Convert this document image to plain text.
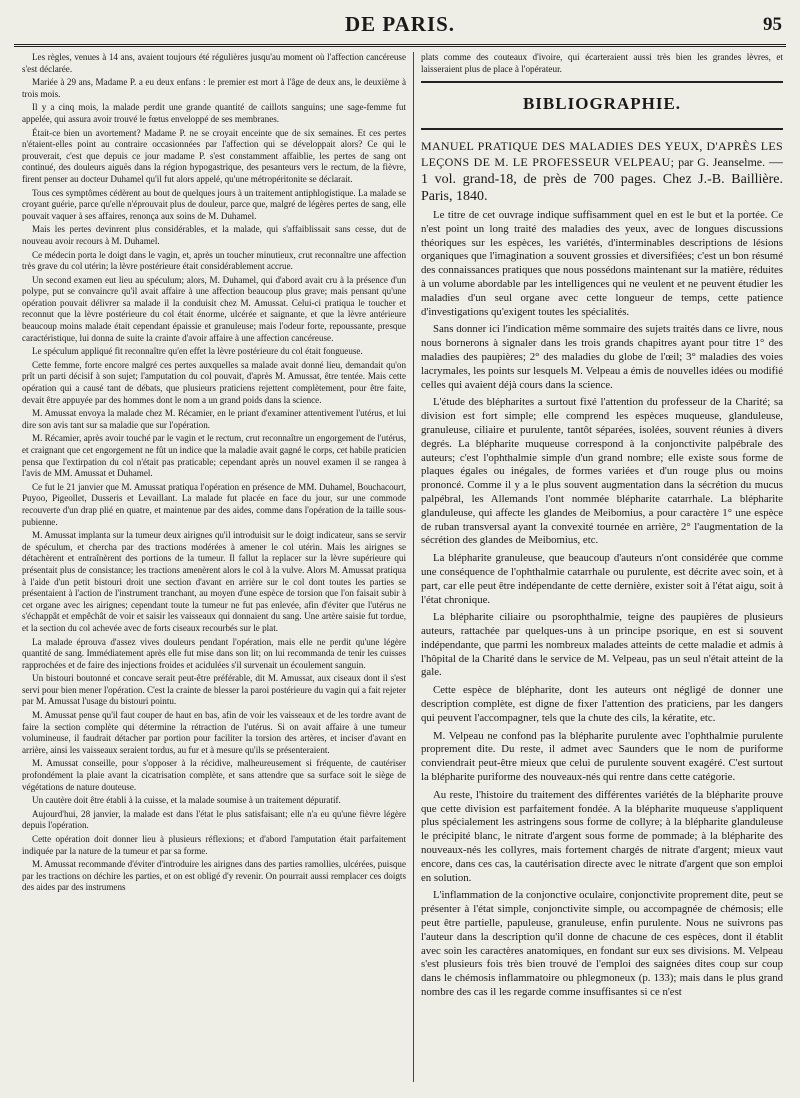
DE PARIS.	95

Les règles, venues à 14 ans, avaient toujours été régulières jusqu'au moment où l'affection cancéreuse s'est déclarée.

Mariée à 29 ans, Madame P. a eu deux enfans : le premier est mort à l'âge de deux ans, le deuxième à trois mois.

Il y a cinq mois, la malade perdit une grande quantité de caillots sanguins; une sage-femme fut appelée, qui assura avoir trouvé le fœtus enveloppé de ses membranes.

Était-ce bien un avortement? Madame P. ne se croyait enceinte que de six semaines. Et ces pertes n'étaient-elles point au contraire occasionnées par l'affection qui se développait alors? Ce qui le prouverait, c'est que depuis ce jour madame P. s'est constamment affaiblie, les pertes de sang ont continué, des douleurs aiguës dans la région hypogastrique, des pesanteurs vers le rectum, de la fièvre, firent penser au docteur Duhamel qu'il fut alors appelé, qu'une métropéritonite se déclarait.

Tous ces symptômes cédèrent au bout de quelques jours à un traitement antiphlogistique. La malade se croyant guérie, parce qu'elle n'éprouvait plus de douleur, parce que, malgré de légères pertes de sang, elle pouvait vaquer à ses affaires, renonça aux soins de M. Duhamel.

Mais les pertes devinrent plus considérables, et la malade, qui s'affaiblissait sans cesse, dut de nouveau avoir recours à M. Duhamel.

Ce médecin porta le doigt dans le vagin, et, après un toucher minutieux, crut reconnaître une affection très grave du col utérin; la lèvre postérieure était considérablement accrue.

Un second examen eut lieu au spéculum; alors, M. Duhamel, qui d'abord avait cru à la présence d'un polype, put se convaincre qu'il avait affaire à une affection beaucoup plus grave; mais pensant qu'une opération pouvait délivrer sa malade il la conduisit chez M. Amussat. Celui-ci pratiqua le toucher et reconnut que la lèvre postérieure du col était énorme, ulcérée et saignante, et que la lèvre antérieure beaucoup moins malade était cependant épaissie et granuleuse; mais l'odeur forte, repoussante, presque caractéristique, lui donna de suite la crainte d'avoir affaire à une affection cancéreuse.

Le spéculum appliqué fit reconnaître qu'en effet la lèvre postérieure du col était fongueuse.

Cette femme, forte encore malgré ces pertes auxquelles sa malade avait donné lieu, demandait qu'on prît un parti décisif à son sujet; l'amputation du col pouvait, d'après M. Amussat, être tentée. Mais cette opération qui a causé tant de débats, que plusieurs praticiens rejettent complètement, pour être faite, devait être appuyée par des hommes dont le nom a un grand poids dans la science.

M. Amussat envoya la malade chez M. Récamier, en le priant d'examiner attentivement l'utérus, et lui dire son avis tant sur sa maladie que sur l'opération.

M. Récamier, après avoir touché par le vagin et le rectum, crut reconnaître un engorgement de l'utérus, et craignant que cet engorgement ne fût un indice que la maladie avait gagné le corps, cet habile praticien pensa que l'extirpation du col n'était pas praticable; cependant après un nouvel examen il se rangea à l'avis de MM. Amussat et Duhamel.

Ce fut le 21 janvier que M. Amussat pratiqua l'opération en présence de MM. Duhamel, Bouchacourt, Puyoo, Pigeollet, Dusseris et Levaillant. La malade fut placée en face du jour, sur une commode recouverte d'un drap plié en quatre, et maintenue par des aides, comme dans l'opération de la taille sous-pubienne.

M. Amussat implanta sur la tumeur deux airignes qu'il introduisit sur le doigt indicateur, sans se servir de spéculum, et chercha par des tractions modérées à amener le col utérin. Mais les airignes se détachèrent et entraînèrent des portions de la tumeur. Il fallut la replacer sur la lèvre supérieure qui présentait plus de consistance; les tractions amenèrent alors le col à la vulve. Alors M. Amussat pratiqua à l'aide d'un petit bistouri droit une section d'avant en arrière sur le col dont toutes les parties se présentaient à l'action de l'instrument tranchant, au moyen d'une espèce de torsion que l'on faisait subir à cet organe avec les airignes; cependant toute la tumeur ne fut pas enlevée, afin d'éviter que l'utérus ne s'échappât et empêchât de voir et saisir les vaisseaux qui donnaient du sang. Une artère saisie fut tordue, et la section du col achevée avec de forts ciseaux recourbés sur le plat.

La malade éprouva d'assez vives douleurs pendant l'opération, mais elle ne perdit qu'une légère quantité de sang. Immédiatement après elle fut mise dans son lit; on lui recommanda de tenir les cuisses rapprochées et de faire des injections froides et acidulées s'il survenait un écoulement sanguin.

Un bistouri boutonné et concave serait peut-être préférable, dit M. Amussat, aux ciseaux dont il s'est servi pour bien mener l'opération. C'est la crainte de blesser la paroi postérieure du vagin qui a fait rejeter par M. Amussat l'usage du bistouri pointu.

M. Amussat pense qu'il faut couper de haut en bas, afin de voir les vaisseaux et de les tordre avant de faire la section complète qui détermine la rétraction de l'utérus. Si on avait affaire à une tumeur volumineuse, il faudrait détacher par portion pour faciliter la torsion des artères, et inciser d'avant en arrière, ainsi les vaisseaux seraient tordus, au fur et à mesure qu'ils se présenteraient.

M. Amussat conseille, pour s'opposer à la récidive, malheureusement si fréquente, de cautériser profondément la plaie avant la cicatrisation complète, et sans attendre que sa surface soit le siège de végétations de nature douteuse.

Un cautère doit être établi à la cuisse, et la malade soumise à un traitement dépuratif.

Aujourd'hui, 28 janvier, la malade est dans l'état le plus satisfaisant; elle n'a eu qu'une fièvre légère depuis l'opération.

Cette opération doit donner lieu à plusieurs réflexions; et d'abord l'amputation était parfaitement indiquée par la nature de la tumeur et par sa forme.

M. Amussat recommande d'éviter d'introduire les airignes dans des parties ramollies, ulcérées, puisque par les tractions on déchire les parties, et on est obligé d'y revenir. On pourrait aussi remplacer ces doigts des aides par des instrumens

plats comme des couteaux d'ivoire, qui écarteraient aussi très bien les grandes lèvres, et laisseraient plus de place à l'opérateur.

BIBLIOGRAPHIE.

MANUEL PRATIQUE DES MALADIES DES YEUX, D'APRÈS LES LEÇONS DE M. LE PROFESSEUR VELPEAU; par G. Jeanselme. — 1 vol. grand-18, de près de 700 pages. Chez J.-B. Baillière. Paris, 1840.

Le titre de cet ouvrage indique suffisamment quel en est le but et la portée. Ce n'est point un long traité des maladies des yeux, avec de longues discussions théoriques sur les espèces, les variétés, d'interminables descriptions de lésions organiques que l'imagination a souvent grossies et diversifiées; c'est un bon résumé des connaissances pratiques que nous possédons maintenant sur la matière, réduites à un volume abordable par les intelligences qui ne veulent et ne peuvent étudier les maladies d'un seul organe avec cette longueur de temps, cette patience d'investigations qu'exigent toutes les spécialités.

Sans donner ici l'indication même sommaire des sujets traités dans ce livre, nous nous bornerons à signaler dans les trois grands chapitres ayant pour titre 1° des maladies des paupières; 2° des maladies du globe de l'œil; 3° maladies des voies lacrymales, les points sur lesquels M. Velpeau a émis de nouvelles idées ou modifié celles qui avaient déjà cours dans la science.

L'étude des blépharites a surtout fixé l'attention du professeur de la Charité; sa division est fort simple; elle comprend les espèces muqueuse, glanduleuse, granuleuse, ciliaire et purulente, tantôt séparées, isolées, souvent réunies à divers degrés. La blépharite muqueuse correspond à la conjonctivite palpébrale des auteurs; c'est l'ophthalmie simple d'un grand nombre; elle existe sous forme de plaques égales ou inégales, de formes variées et d'un rouge plus ou moins prononcé. Comme il y a le plus souvent augmentation dans la sécrétion du mucus palpébral, les Allemands l'ont nommée blépharite catarrhale. La blépharite glanduleuse, qui affecte les glandes de Meibomius, a pour caractère 1° une espèce de ruban transversal ayant la convexité tournée en arrière, 2° l'augmentation de la sécrétion des glandes de Meibomius, etc.

La blépharite granuleuse, que beaucoup d'auteurs n'ont considérée que comme une conséquence de l'ophthalmie catarrhale ou purulente, est décrite avec soin, et à part, car elle peut être indépendante de cette dernière, exister soit à l'état aigu, soit à l'état chronique.

La blépharite ciliaire ou psorophthalmie, teigne des paupières de plusieurs auteurs, rattachée par quelques-uns à un principe psorique, en est si souvent indépendante, que parmi les nombreux malades atteints de cette maladie et admis à l'hôpital de la Charité dans le service de M. Velpeau, pas un seul n'était atteint de la gale.

Cette espèce de blépharite, dont les auteurs ont négligé de donner une description complète, est digne de fixer l'attention des praticiens, par les dangers qui peuvent l'accompagner, tels que la chute des cils, la kératite, etc.

M. Velpeau ne confond pas la blépharite purulente avec l'ophthalmie purulente proprement dite. Du reste, il admet avec Saunders que le nom de puriforme conviendrait peut-être mieux que celui de purulente souvent exagéré. C'est surtout la blépharite puriforme des nouveaux-nés qui rentre dans cette catégorie.

Au reste, l'histoire du traitement des différentes variétés de la blépharite prouve que cette division est parfaitement fondée. A la blépharite muqueuse s'appliquent plus spécialement les astringens sous forme de collyre; à la blépharite glanduleuse le précipité blanc, le nitrate d'argent sous forme de pommade; à la blépharite des nouveaux-nés les collyres, mais fortement chargés de nitrate d'argent; mieux vaut encore, dans ces cas, la cautérisation directe avec le nitrate d'argent que son emploi en solution.

L'inflammation de la conjonctive oculaire, conjonctivite proprement dite, peut se présenter à l'état simple, conjonctivite simple, ou accompagnée de chémosis; elle peut être partielle, papuleuse, granuleuse, enfin purulente. Nous ne suivrons pas l'auteur dans la description qu'il donne de chacune de ces espèces, dont il établit avec soin les caractères anatomiques, en fondant sur eux ses divisions. M. Velpeau s'est plusieurs fois très bien trouvé de l'emploi des saignées dites coup sur coup dans le chémosis inflammatoire ou phlegmoneux (p. 133); mais dans le plus grand nombre des cas il les regarde comme insuffisantes si ce n'est
